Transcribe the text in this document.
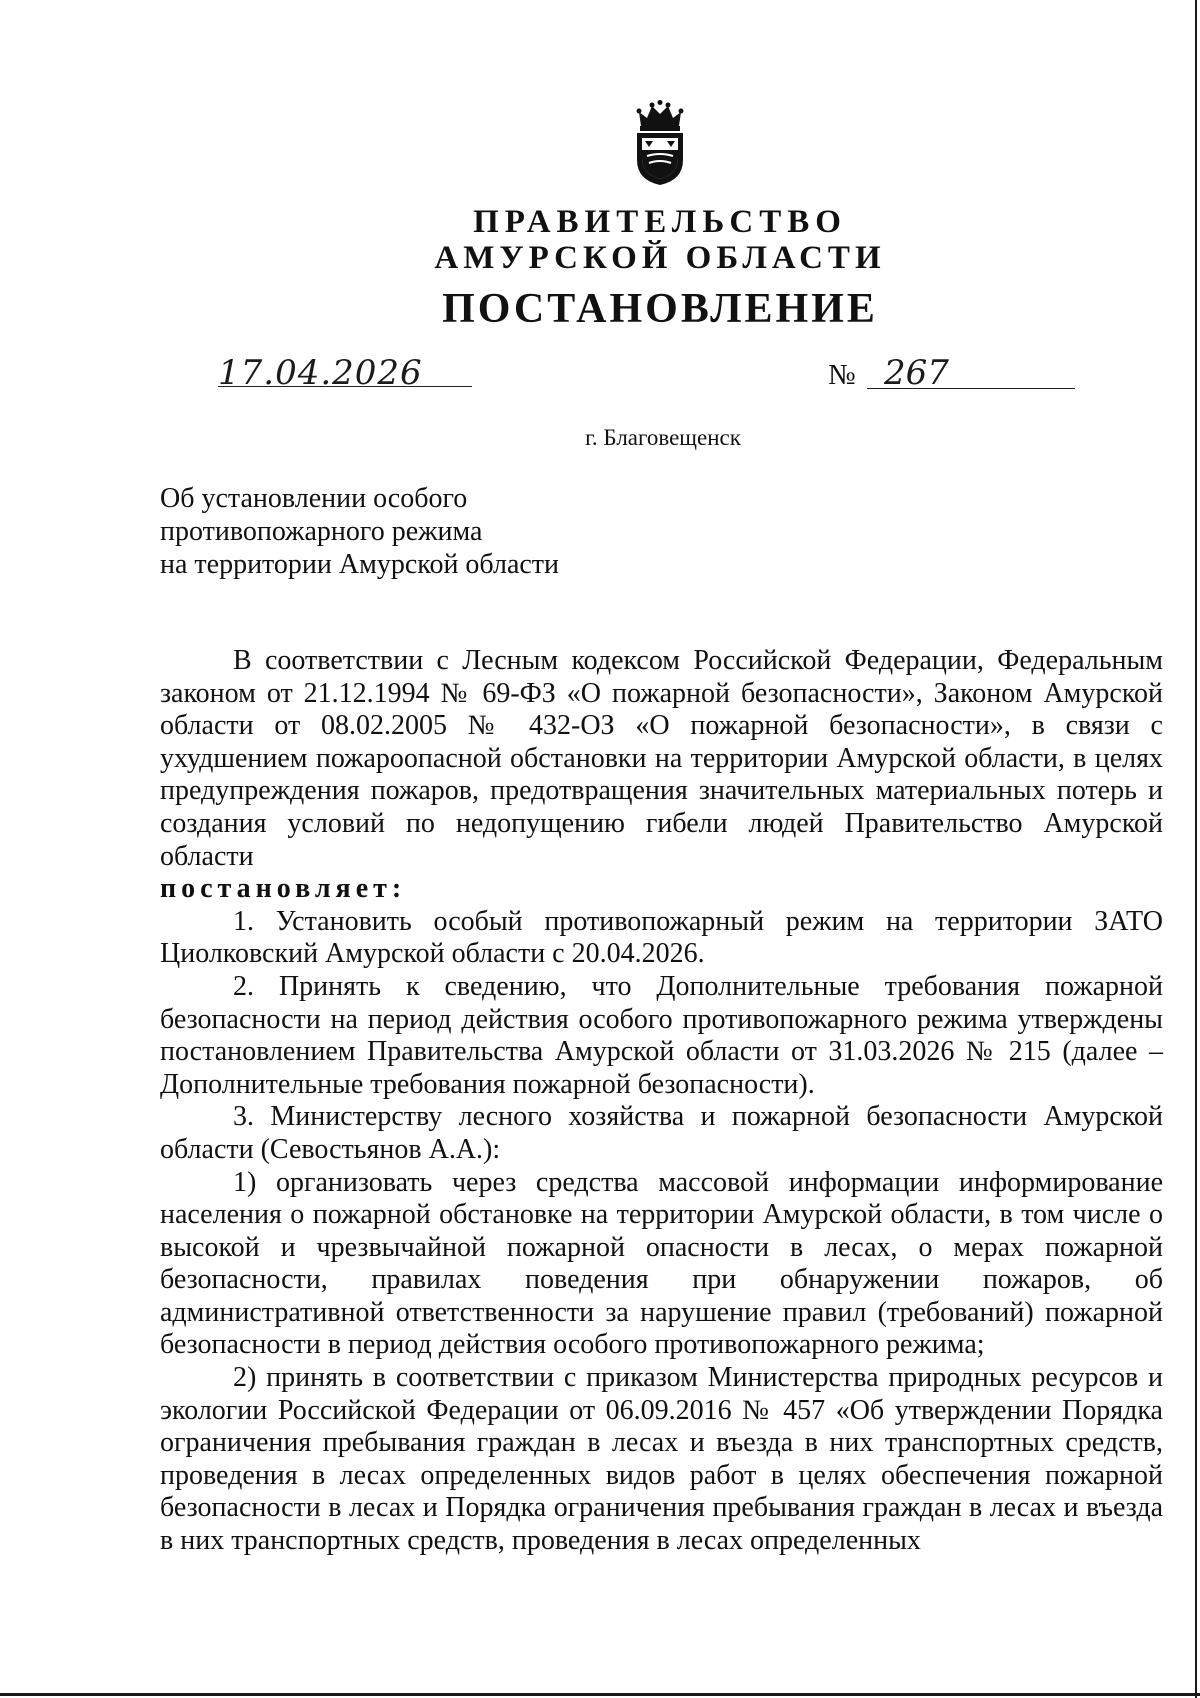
ПРАВИТЕЛЬСТВО
АМУРСКОЙ ОБЛАСТИ
ПОСТАНОВЛЕНИЕ
17.04.2026	№ 267
г. Благовещенск
Об установлении особого
противопожарного режима
на территории Амурской области

В соответствии с Лесным кодексом Российской Федерации, Федеральным законом от 21.12.1994 № 69-ФЗ «О пожарной безопасности», Законом Амурской области от 08.02.2005 № 432-ОЗ «О пожарной безопасности», в связи с ухудшением пожароопасной обстановки на территории Амурской области, в целях предупреждения пожаров, предотвращения значительных материальных потерь и создания условий по недопущению гибели людей Правительство Амурской области

постановляет:

1. Установить особый противопожарный режим на территории ЗАТО Циолковский Амурской области с 20.04.2026.

2. Принять к сведению, что Дополнительные требования пожарной безопасности на период действия особого противопожарного режима утверждены постановлением Правительства Амурской области от 31.03.2026 № 215 (далее – Дополнительные требования пожарной безопасности).

3. Министерству лесного хозяйства и пожарной безопасности Амурской области (Севостьянов А.А.):

1) организовать через средства массовой информации информирование населения о пожарной обстановке на территории Амурской области, в том числе о высокой и чрезвычайной пожарной опасности в лесах, о мерах пожарной безопасности, правилах поведения при обнаружении пожаров, об административной ответственности за нарушение правил (требований) пожарной безопасности в период действия особого противопожарного режима;

2) принять в соответствии с приказом Министерства природных ресурсов и экологии Российской Федерации от 06.09.2016 № 457 «Об утверждении Порядка ограничения пребывания граждан в лесах и въезда в них транспортных средств, проведения в лесах определенных видов работ в целях обеспечения пожарной безопасности в лесах и Порядка ограничения пребывания граждан в лесах и въезда в них транспортных средств, проведения в лесах определенных
